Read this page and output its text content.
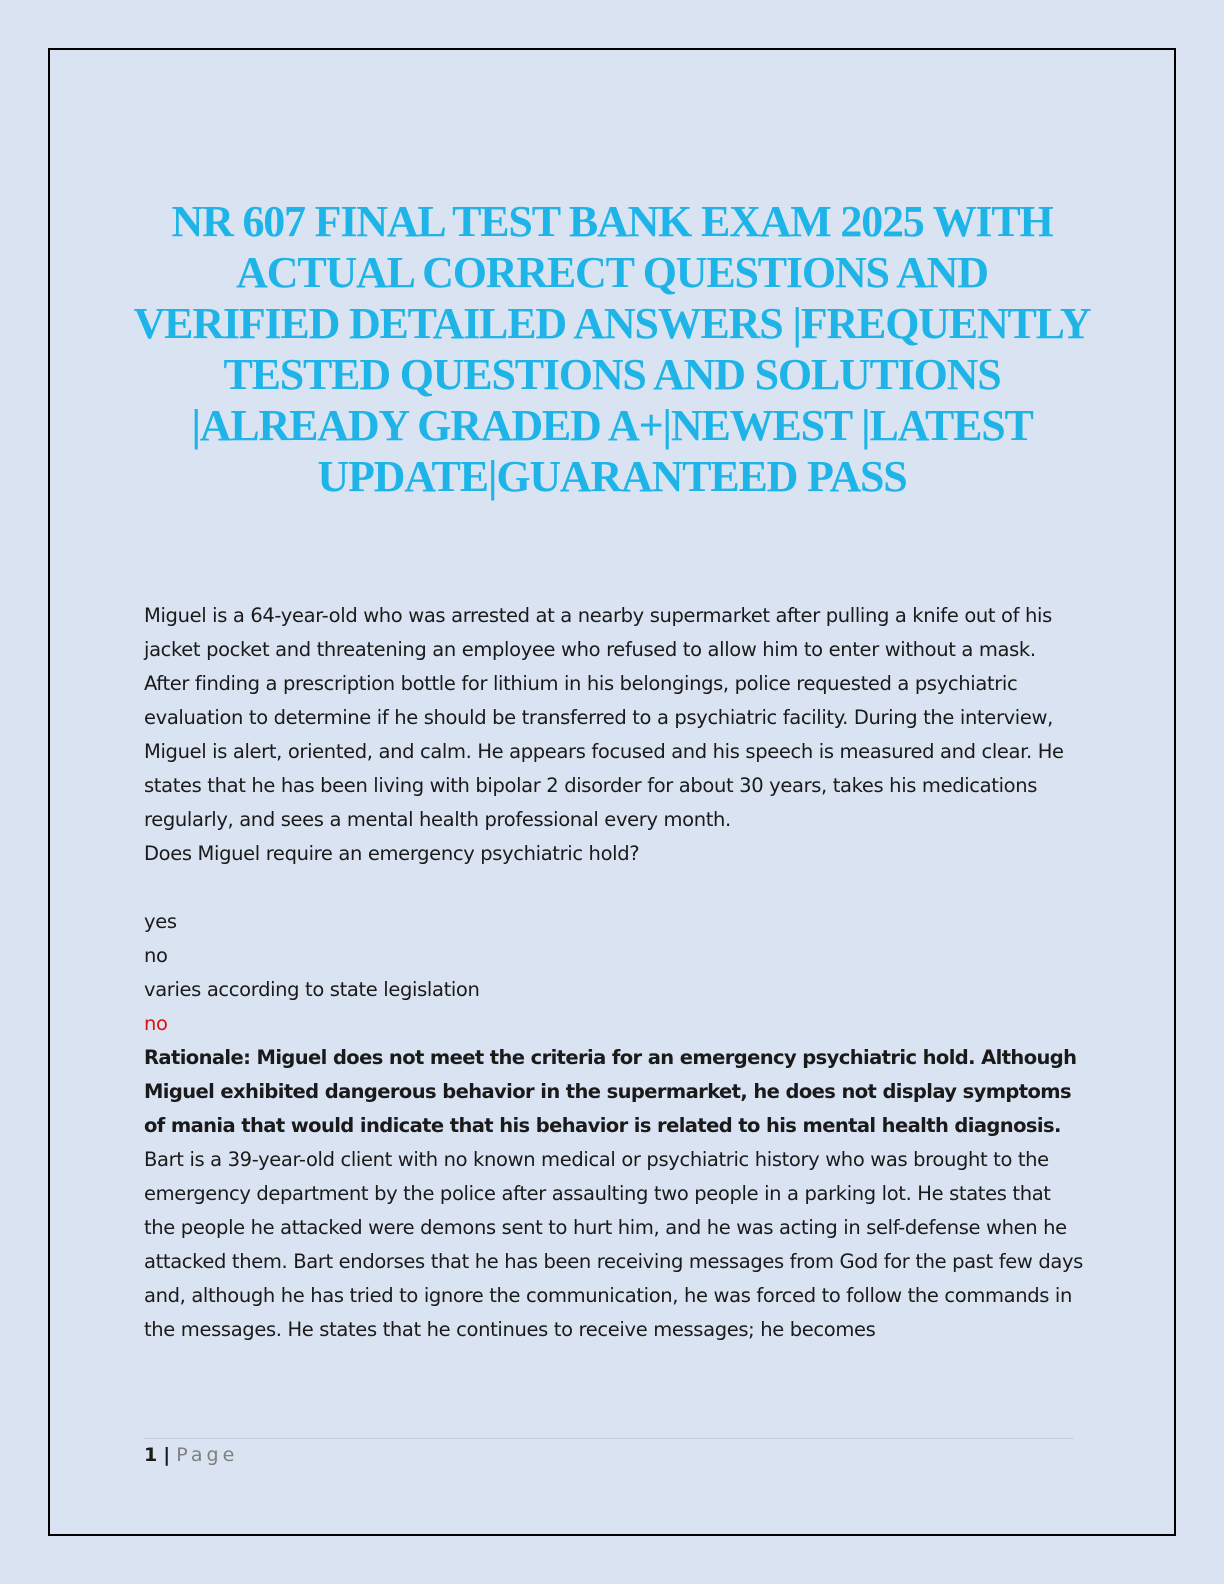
NR 607 FINAL TEST BANK EXAM 2025 WITH ACTUAL CORRECT QUESTIONS AND VERIFIED DETAILED ANSWERS |FREQUENTLY TESTED QUESTIONS AND SOLUTIONS |ALREADY GRADED A+|NEWEST |LATEST UPDATE|GUARANTEED PASS

Miguel is a 64-year-old who was arrested at a nearby supermarket after pulling a knife out of his jacket pocket and threatening an employee who refused to allow him to enter without a mask. After finding a prescription bottle for lithium in his belongings, police requested a psychiatric evaluation to determine if he should be transferred to a psychiatric facility. During the interview, Miguel is alert, oriented, and calm. He appears focused and his speech is measured and clear. He states that he has been living with bipolar 2 disorder for about 30 years, takes his medications regularly, and sees a mental health professional every month.

Does Miguel require an emergency psychiatric hold?

yes

no

varies according to state legislation

no

Rationale: Miguel does not meet the criteria for an emergency psychiatric hold. Although Miguel exhibited dangerous behavior in the supermarket, he does not display symptoms of mania that would indicate that his behavior is related to his mental health diagnosis.

Bart is a 39-year-old client with no known medical or psychiatric history who was brought to the emergency department by the police after assaulting two people in a parking lot. He states that the people he attacked were demons sent to hurt him, and he was acting in self-defense when he attacked them. Bart endorses that he has been receiving messages from God for the past few days and, although he has tried to ignore the communication, he was forced to follow the commands in the messages. He states that he continues to receive messages; he becomes

1 | Page
